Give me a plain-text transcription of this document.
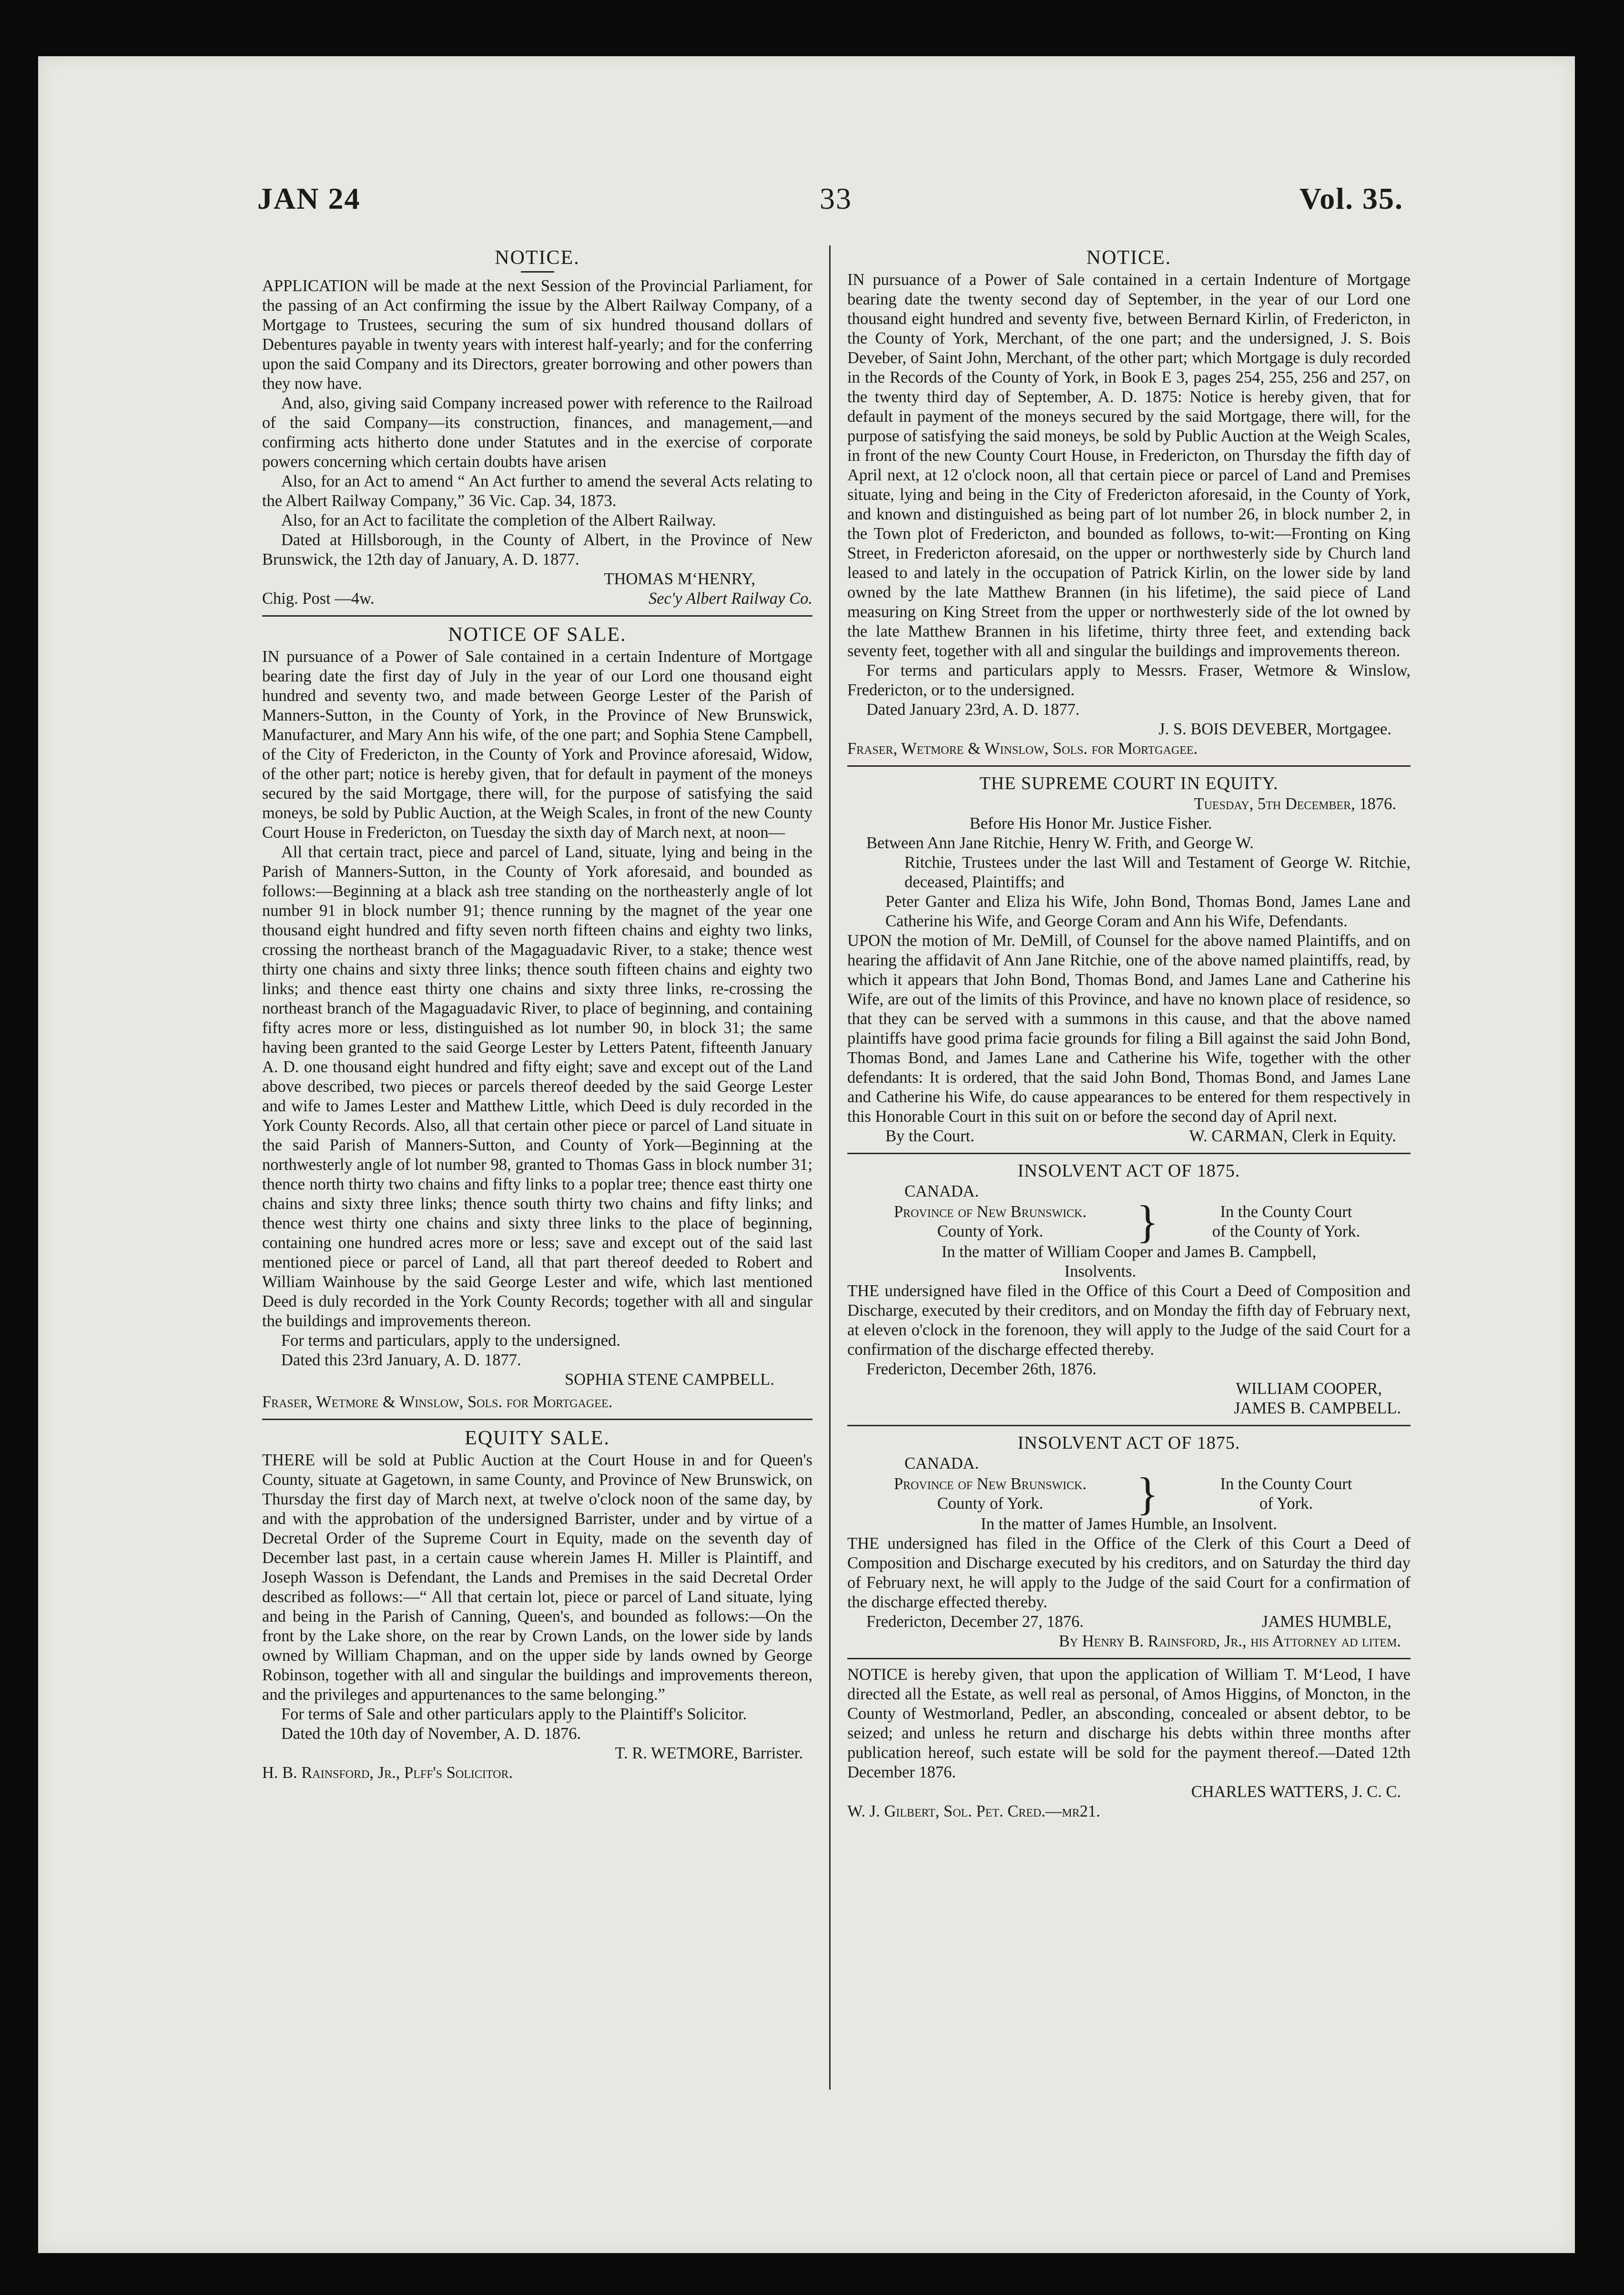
JAN 24	33	Vol. 35.
NOTICE.

APPLICATION will be made at the next Session of the Provincial Parliament, for the passing of an Act confirming the issue by the Albert Railway Company, of a Mortgage to Trustees, securing the sum of six hundred thousand dollars of Debentures payable in twenty years with interest half-yearly; and for the conferring upon the said Company and its Directors, greater borrowing and other powers than they now have.

And, also, giving said Company increased power with reference to the Railroad of the said Company—its construction, finances, and management,—and confirming acts hitherto done under Statutes and in the exercise of corporate powers concerning which certain doubts have arisen

Also, for an Act to amend “ An Act further to amend the several Acts relating to the Albert Railway Company,” 36 Vic. Cap. 34, 1873.

Also, for an Act to facilitate the completion of the Albert Railway.

Dated at Hillsborough, in the County of Albert, in the Province of New Brunswick, the 12th day of January, A. D. 1877.

THOMAS M‘HENRY,

Chig. Post —4w.	Sec'y Albert Railway Co.
NOTICE OF SALE.

IN pursuance of a Power of Sale contained in a certain Indenture of Mortgage bearing date the first day of July in the year of our Lord one thousand eight hundred and seventy two, and made between George Lester of the Parish of Manners-Sutton, in the County of York, in the Province of New Brunswick, Manufacturer, and Mary Ann his wife, of the one part; and Sophia Stene Campbell, of the City of Fredericton, in the County of York and Province aforesaid, Widow, of the other part; notice is hereby given, that for default in payment of the moneys secured by the said Mortgage, there will, for the purpose of satisfying the said moneys, be sold by Public Auction, at the Weigh Scales, in front of the new County Court House in Fredericton, on Tuesday the sixth day of March next, at noon—

All that certain tract, piece and parcel of Land, situate, lying and being in the Parish of Manners-Sutton, in the County of York aforesaid, and bounded as follows:—Beginning at a black ash tree standing on the northeasterly angle of lot number 91 in block number 91; thence running by the magnet of the year one thousand eight hundred and fifty seven north fifteen chains and eighty two links, crossing the northeast branch of the Magaguadavic River, to a stake; thence west thirty one chains and sixty three links; thence south fifteen chains and eighty two links; and thence east thirty one chains and sixty three links, re-crossing the northeast branch of the Magaguadavic River, to place of beginning, and containing fifty acres more or less, distinguished as lot number 90, in block 31; the same having been granted to the said George Lester by Letters Patent, fifteenth January A. D. one thousand eight hundred and fifty eight; save and except out of the Land above described, two pieces or parcels thereof deeded by the said George Lester and wife to James Lester and Matthew Little, which Deed is duly recorded in the York County Records. Also, all that certain other piece or parcel of Land situate in the said Parish of Manners-Sutton, and County of York—Beginning at the northwesterly angle of lot number 98, granted to Thomas Gass in block number 31; thence north thirty two chains and fifty links to a poplar tree; thence east thirty one chains and sixty three links; thence south thirty two chains and fifty links; and thence west thirty one chains and sixty three links to the place of beginning, containing one hundred acres more or less; save and except out of the said last mentioned piece or parcel of Land, all that part thereof deeded to Robert and William Wainhouse by the said George Lester and wife, which last mentioned Deed is duly recorded in the York County Records; together with all and singular the buildings and improvements thereon.

For terms and particulars, apply to the undersigned.

Dated this 23rd January, A. D. 1877.

SOPHIA STENE CAMPBELL.

Fraser, Wetmore & Winslow, Sols. for Mortgagee.

EQUITY SALE.

THERE will be sold at Public Auction at the Court House in and for Queen's County, situate at Gagetown, in same County, and Province of New Brunswick, on Thursday the first day of March next, at twelve o'clock noon of the same day, by and with the approbation of the undersigned Barrister, under and by virtue of a Decretal Order of the Supreme Court in Equity, made on the seventh day of December last past, in a certain cause wherein James H. Miller is Plaintiff, and Joseph Wasson is Defendant, the Lands and Premises in the said Decretal Order described as follows:—“ All that certain lot, piece or parcel of Land situate, lying and being in the Parish of Canning, Queen's, and bounded as follows:—On the front by the Lake shore, on the rear by Crown Lands, on the lower side by lands owned by William Chapman, and on the upper side by lands owned by George Robinson, together with all and singular the buildings and improvements thereon, and the privileges and appurtenances to the same belonging.”

For terms of Sale and other particulars apply to the Plaintiff's Solicitor.

Dated the 10th day of November, A. D. 1876.

T. R. WETMORE, Barrister.

H. B. Rainsford, Jr., Plff's Solicitor.

NOTICE.

IN pursuance of a Power of Sale contained in a certain Indenture of Mortgage bearing date the twenty second day of September, in the year of our Lord one thousand eight hundred and seventy five, between Bernard Kirlin, of Fredericton, in the County of York, Merchant, of the one part; and the undersigned, J. S. Bois Deveber, of Saint John, Merchant, of the other part; which Mortgage is duly recorded in the Records of the County of York, in Book E 3, pages 254, 255, 256 and 257, on the twenty third day of September, A. D. 1875: Notice is hereby given, that for default in payment of the moneys secured by the said Mortgage, there will, for the purpose of satisfying the said moneys, be sold by Public Auction at the Weigh Scales, in front of the new County Court House, in Fredericton, on Thursday the fifth day of April next, at 12 o'clock noon, all that certain piece or parcel of Land and Premises situate, lying and being in the City of Fredericton aforesaid, in the County of York, and known and distinguished as being part of lot number 26, in block number 2, in the Town plot of Fredericton, and bounded as follows, to-wit:—Fronting on King Street, in Fredericton aforesaid, on the upper or northwesterly side by Church land leased to and lately in the occupation of Patrick Kirlin, on the lower side by land owned by the late Matthew Brannen (in his lifetime), the said piece of Land measuring on King Street from the upper or northwesterly side of the lot owned by the late Matthew Brannen in his lifetime, thirty three feet, and extending back seventy feet, together with all and singular the buildings and improvements thereon.

For terms and particulars apply to Messrs. Fraser, Wetmore & Winslow, Fredericton, or to the undersigned.

Dated January 23rd, A. D. 1877.

J. S. BOIS DEVEBER, Mortgagee.

Fraser, Wetmore & Winslow, Sols. for Mortgagee.

THE SUPREME COURT IN EQUITY.

Tuesday, 5th December, 1876.

Before His Honor Mr. Justice Fisher.

Between Ann Jane Ritchie, Henry W. Frith, and George W.

Ritchie, Trustees under the last Will and Testament of George W. Ritchie, deceased, Plaintiffs; and

Peter Ganter and Eliza his Wife, John Bond, Thomas Bond, James Lane and Catherine his Wife, and George Coram and Ann his Wife, Defendants.

UPON the motion of Mr. DeMill, of Counsel for the above named Plaintiffs, and on hearing the affidavit of Ann Jane Ritchie, one of the above named plaintiffs, read, by which it appears that John Bond, Thomas Bond, and James Lane and Catherine his Wife, are out of the limits of this Province, and have no known place of residence, so that they can be served with a summons in this cause, and that the above named plaintiffs have good prima facie grounds for filing a Bill against the said John Bond, Thomas Bond, and James Lane and Catherine his Wife, together with the other defendants: It is ordered, that the said John Bond, Thomas Bond, and James Lane and Catherine his Wife, do cause appearances to be entered for them respectively in this Honorable Court in this suit on or before the second day of April next.

By the Court.	W. CARMAN, Clerk in Equity.
INSOLVENT ACT OF 1875.

CANADA.

Province of New Brunswick.
County of York.	}	In the County Court
of the County of York.

In the matter of William Cooper and James B. Campbell,

Insolvents.

THE undersigned have filed in the Office of this Court a Deed of Composition and Discharge, executed by their creditors, and on Monday the fifth day of February next, at eleven o'clock in the forenoon, they will apply to the Judge of the said Court for a confirmation of the discharge effected thereby.

Fredericton, December 26th, 1876.

WILLIAM COOPER,

JAMES B. CAMPBELL.

INSOLVENT ACT OF 1875.

CANADA.

Province of New Brunswick.
County of York.	}	In the County Court
of York.

In the matter of James Humble, an Insolvent.

THE undersigned has filed in the Office of the Clerk of this Court a Deed of Composition and Discharge executed by his creditors, and on Saturday the third day of February next, he will apply to the Judge of the said Court for a confirmation of the discharge effected thereby.

Fredericton, December 27, 1876.	JAMES HUMBLE,

By Henry B. Rainsford, Jr., his Attorney ad litem.

NOTICE is hereby given, that upon the application of William T. M‘Leod, I have directed all the Estate, as well real as personal, of Amos Higgins, of Moncton, in the County of Westmorland, Pedler, an absconding, concealed or absent debtor, to be seized; and unless he return and discharge his debts within three months after publication hereof, such estate will be sold for the payment thereof.—Dated 12th December 1876.

CHARLES WATTERS, J. C. C.

W. J. Gilbert, Sol. Pet. Cred.—mr21.
